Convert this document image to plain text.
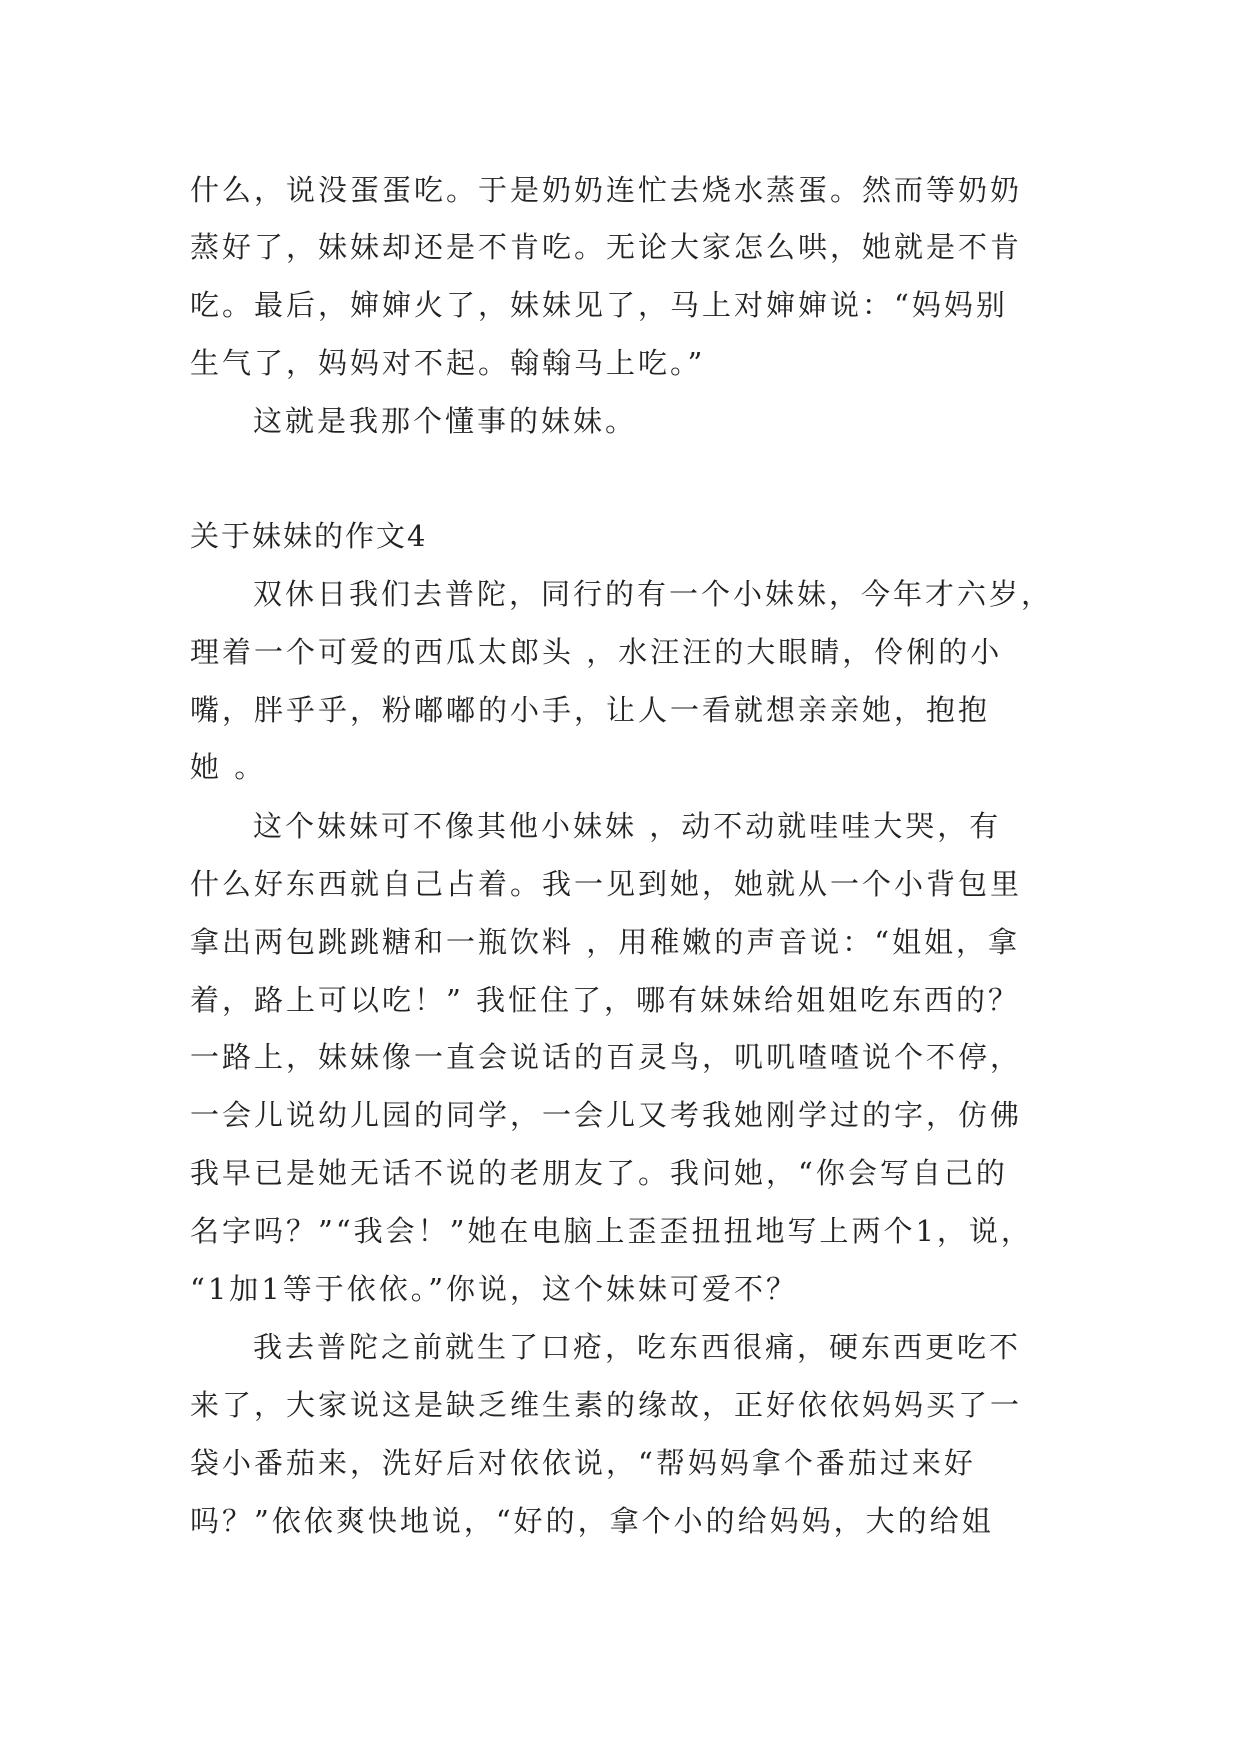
什么，说没蛋蛋吃。于是奶奶连忙去烧水蒸蛋。然而等奶奶
蒸好了，妹妹却还是不肯吃。无论大家怎么哄，她就是不肯
吃。最后，婶婶火了，妹妹见了，马上对婶婶说：“妈妈别
生气了，妈妈对不起。翰翰马上吃。”
这就是我那个懂事的妹妹。
关于妹妹的作文4
双休日我们去普陀，同行的有一个小妹妹，今年才六岁，
理着一个可爱的西瓜太郎头 ，水汪汪的大眼睛，伶俐的小
嘴，胖乎乎，粉嘟嘟的小手，让人一看就想亲亲她，抱抱
她 。
这个妹妹可不像其他小妹妹 ，动不动就哇哇大哭，有
什么好东西就自己占着。我一见到她，她就从一个小背包里
拿出两包跳跳糖和一瓶饮料 ，用稚嫩的声音说：“姐姐，拿
着，路上可以吃！” 我怔住了，哪有妹妹给姐姐吃东西的？
一路上，妹妹像一直会说话的百灵鸟，叽叽喳喳说个不停，
一会儿说幼儿园的同学，一会儿又考我她刚学过的字，仿佛
我早已是她无话不说的老朋友了。我问她，“你会写自己的
名字吗？”“我会！”她在电脑上歪歪扭扭地写上两个1，说，
“1加1等于依依。”你说，这个妹妹可爱不？
我去普陀之前就生了口疮，吃东西很痛，硬东西更吃不
来了，大家说这是缺乏维生素的缘故，正好依依妈妈买了一
袋小番茄来，洗好后对依依说，“帮妈妈拿个番茄过来好
吗？”依依爽快地说，“好的，拿个小的给妈妈，大的给姐
